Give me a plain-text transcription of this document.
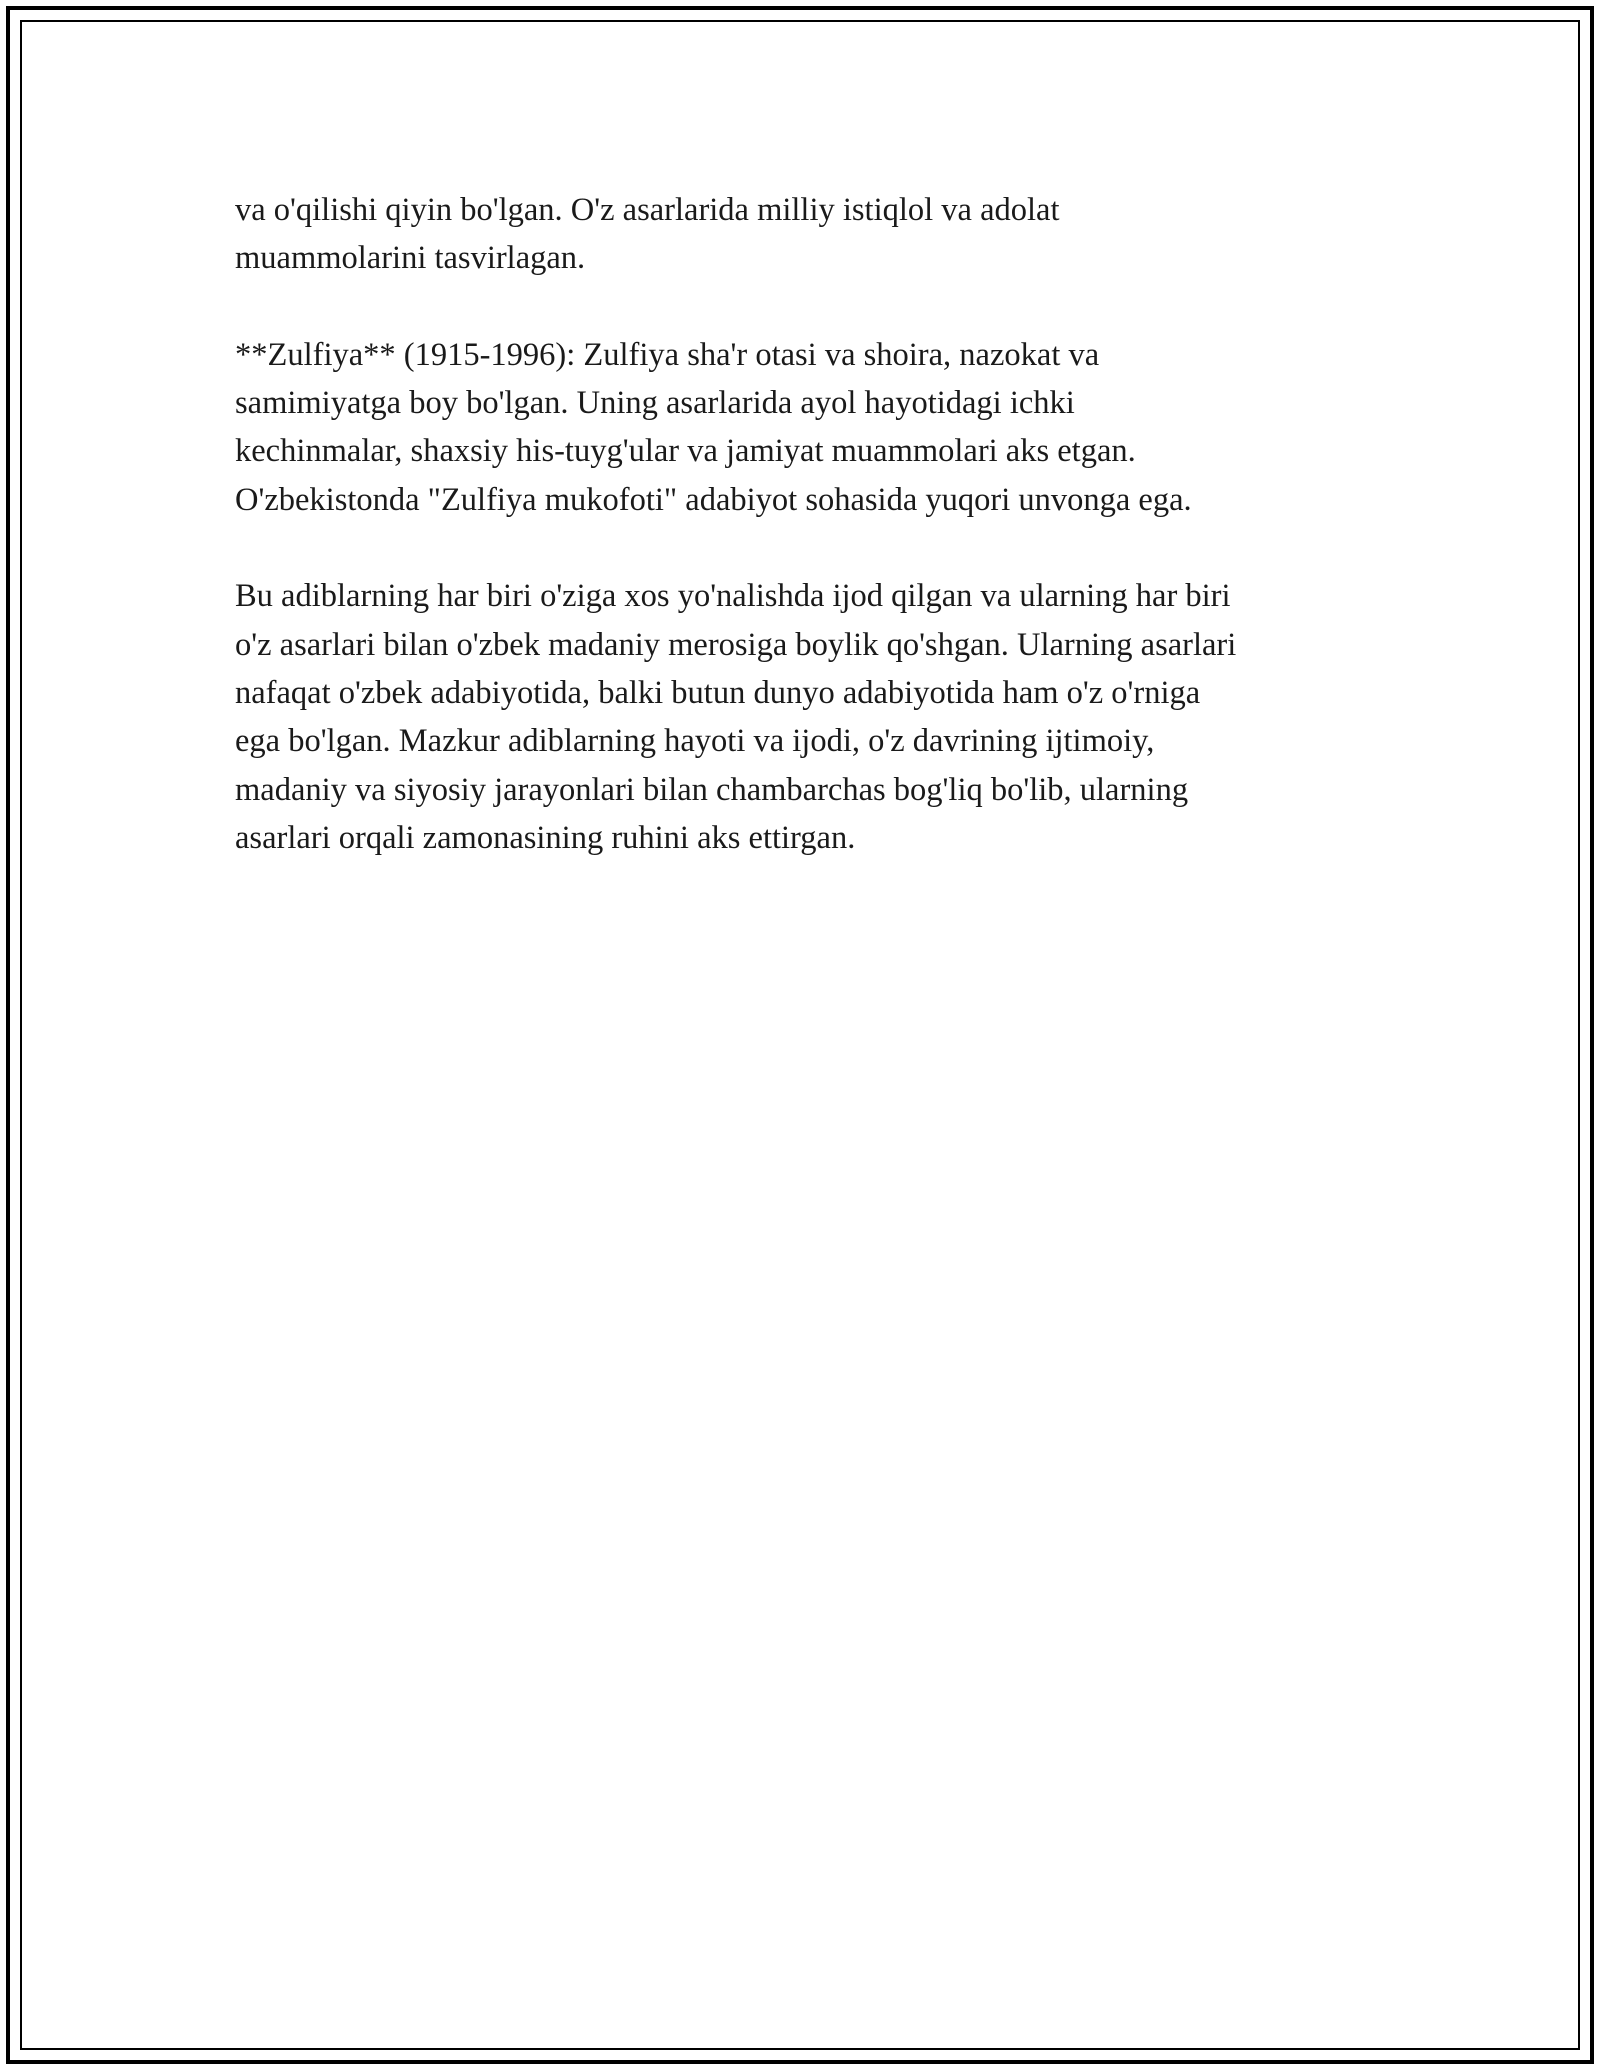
va o'qilishi qiyin bo'lgan. O'z asarlarida milliy istiqlol va adolat
muammolarini tasvirlagan.

**Zulfiya** (1915-1996): Zulfiya sha'r otasi va shoira, nazokat va
samimiyatga boy bo'lgan. Uning asarlarida ayol hayotidagi ichki
kechinmalar, shaxsiy his-tuyg'ular va jamiyat muammolari aks etgan.
O'zbekistonda "Zulfiya mukofoti" adabiyot sohasida yuqori unvonga ega.

Bu adiblarning har biri o'ziga xos yo'nalishda ijod qilgan va ularning har biri
o'z asarlari bilan o'zbek madaniy merosiga boylik qo'shgan. Ularning asarlari
nafaqat o'zbek adabiyotida, balki butun dunyo adabiyotida ham o'z o'rniga
ega bo'lgan. Mazkur adiblarning hayoti va ijodi, o'z davrining ijtimoiy,
madaniy va siyosiy jarayonlari bilan chambarchas bog'liq bo'lib, ularning
asarlari orqali zamonasining ruhini aks ettirgan.
